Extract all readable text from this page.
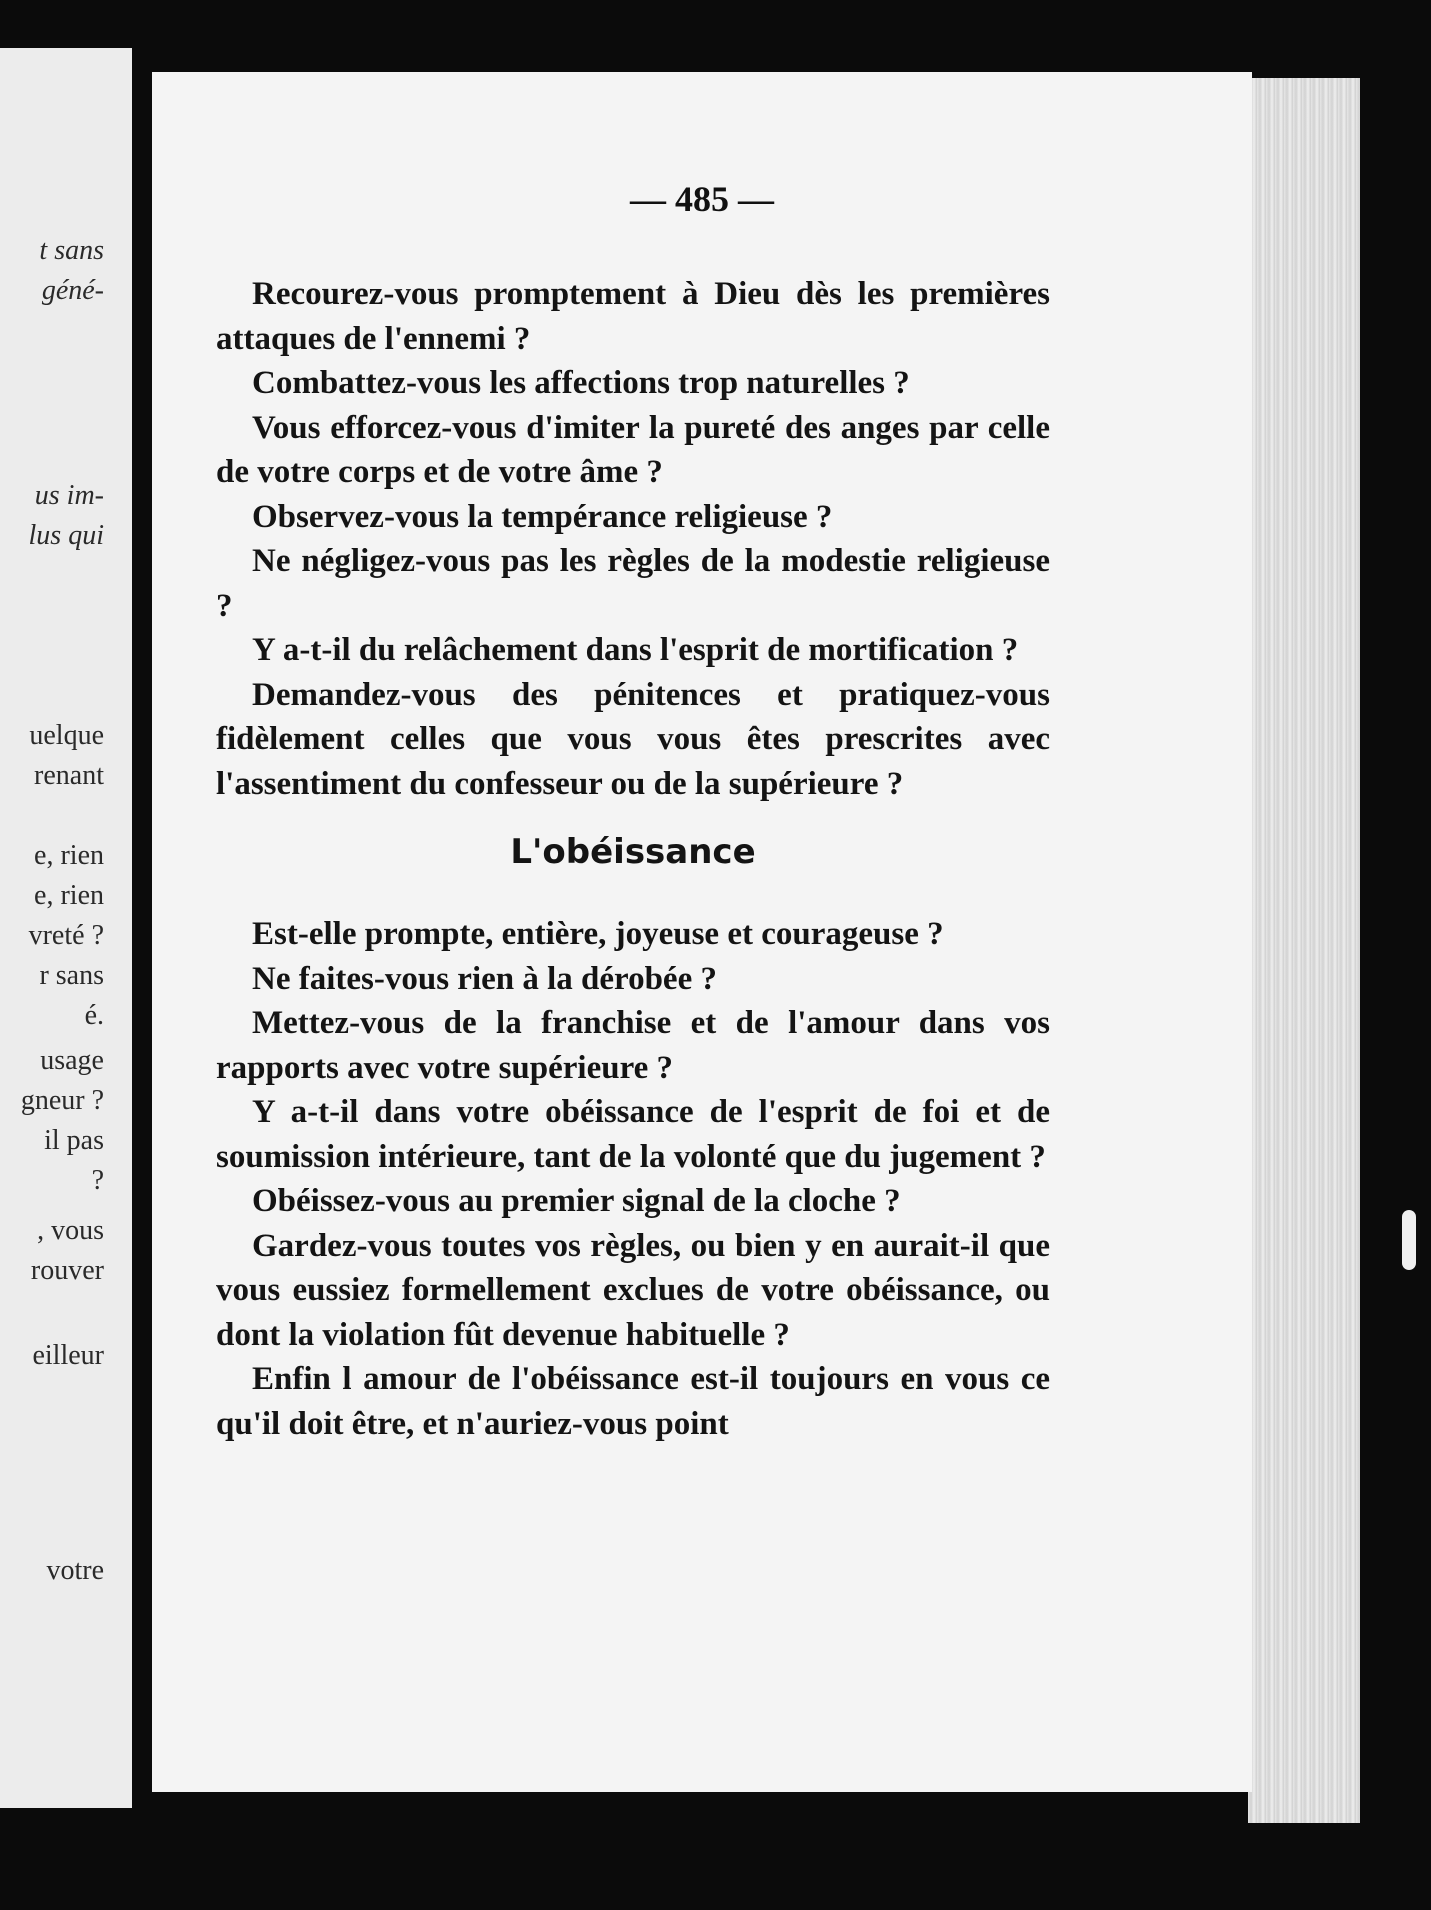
t sans
géné-
us im-
lus qui
uelque
renant
e, rien
e, rien
vreté ?
r sans
é.
usage
gneur ?
il pas
?
, vous
rouver
eilleur
votre
— 485 —

Recourez-vous promptement à Dieu dès les premières attaques de l'ennemi ?

Combattez-vous les affections trop naturelles ?

Vous efforcez-vous d'imiter la pureté des anges par celle de votre corps et de votre âme ?

Observez-vous la tempérance religieuse ?

Ne négligez-vous pas les règles de la modestie religieuse ?

Y a-t-il du relâchement dans l'esprit de mortification ?

Demandez-vous des pénitences et pratiquez-vous fidèlement celles que vous vous êtes prescrites avec l'assentiment du confesseur ou de la supérieure ?

L'obéissance

Est-elle prompte, entière, joyeuse et courageuse ?

Ne faites-vous rien à la dérobée ?

Mettez-vous de la franchise et de l'amour dans vos rapports avec votre supérieure ?

Y a-t-il dans votre obéissance de l'esprit de foi et de soumission intérieure, tant de la volonté que du jugement ?

Obéissez-vous au premier signal de la cloche ?

Gardez-vous toutes vos règles, ou bien y en aurait-il que vous eussiez formellement exclues de votre obéissance, ou dont la violation fût devenue habituelle ?

Enfin l amour de l'obéissance est-il toujours en vous ce qu'il doit être, et n'auriez-vous point
